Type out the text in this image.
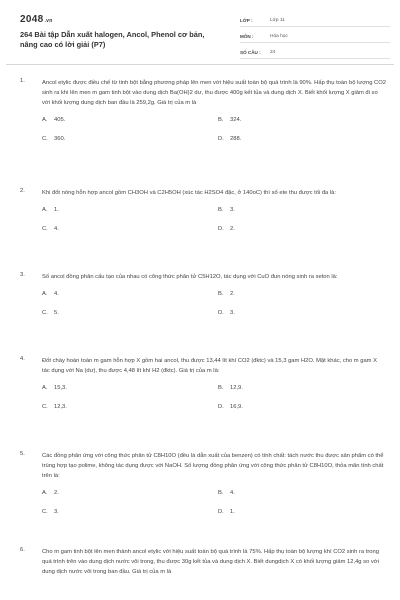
2048.vn
264 Bài tập Dẫn xuất halogen, Ancol, Phenol cơ bản, nâng cao có lời giải (P7)
LỚP :	Lớp 11
MÔN :	Hóa học
SỐ CÂU :	24
1.	Ancol etylic được điều chế từ tinh bột bằng phương pháp lên men với hiệu suất toàn bộ quá trình là 90%. Hấp thụ toàn bộ lượng CO2 sinh ra khi lên men m gam tinh bột vào dung dịch Ba(OH)2 dư, thu được 400g kết tủa và dung dịch X. Biết khối lượng X giảm đi so với khối lượng dung dịch ban đầu là 259,2g. Giá trị của m là
A. 405.	B. 324.
C. 360.	D. 288.
2.	Khi đốt nóng hỗn hợp ancol gồm CH3OH và C2H5OH (xúc tác H2SO4 đặc, ở 140oC) thì số ete thu được tối đa là:
A. 1.	B. 3.
C. 4.	D. 2.
3.	Số ancol đồng phân cấu tạo của nhau có công thức phân tử C5H12O, tác dụng với CuO đun nóng sinh ra xeton là:
A. 4.	B. 2.
C. 5.	D. 3.
4.	Đốt cháy hoàn toàn m gam hỗn hợp X gồm hai ancol, thu được 13,44 lít khí CO2 (đktc) và 15,3 gam H2O. Mặt khác, cho m gam X tác dụng với Na (dư), thu được 4,48 lít khí H2 (đktc). Giá trị của m là:
A. 15,3.	B. 12,9.
C. 12,3.	D. 16,9.
5.	Các đồng phân ứng với công thức phân tử C8H10O (đều là dẫn xuất của benzen) có tính chất: tách nước thu được sản phẩm có thể trùng hợp tạo polime, không tác dụng được với NaOH. Số lượng đồng phân ứng với công thức phân tử C8H10O, thỏa mãn tính chất trên là:
A. 2.	B. 4.
C. 3.	D. 1.
6.	Cho m gam tinh bột lên men thành ancol etylic với hiệu suất toàn bộ quá trình là 75%. Hấp thụ toàn bộ lượng khí CO2 sinh ra trong quá trình trên vào dung dịch nước vôi trong, thu được 30g kết tủa và dung dịch X. Biết dungdịch X có khối lượng giảm 12,4g so với dung dịch nước vôi trong ban đầu. Giá trị của m là
